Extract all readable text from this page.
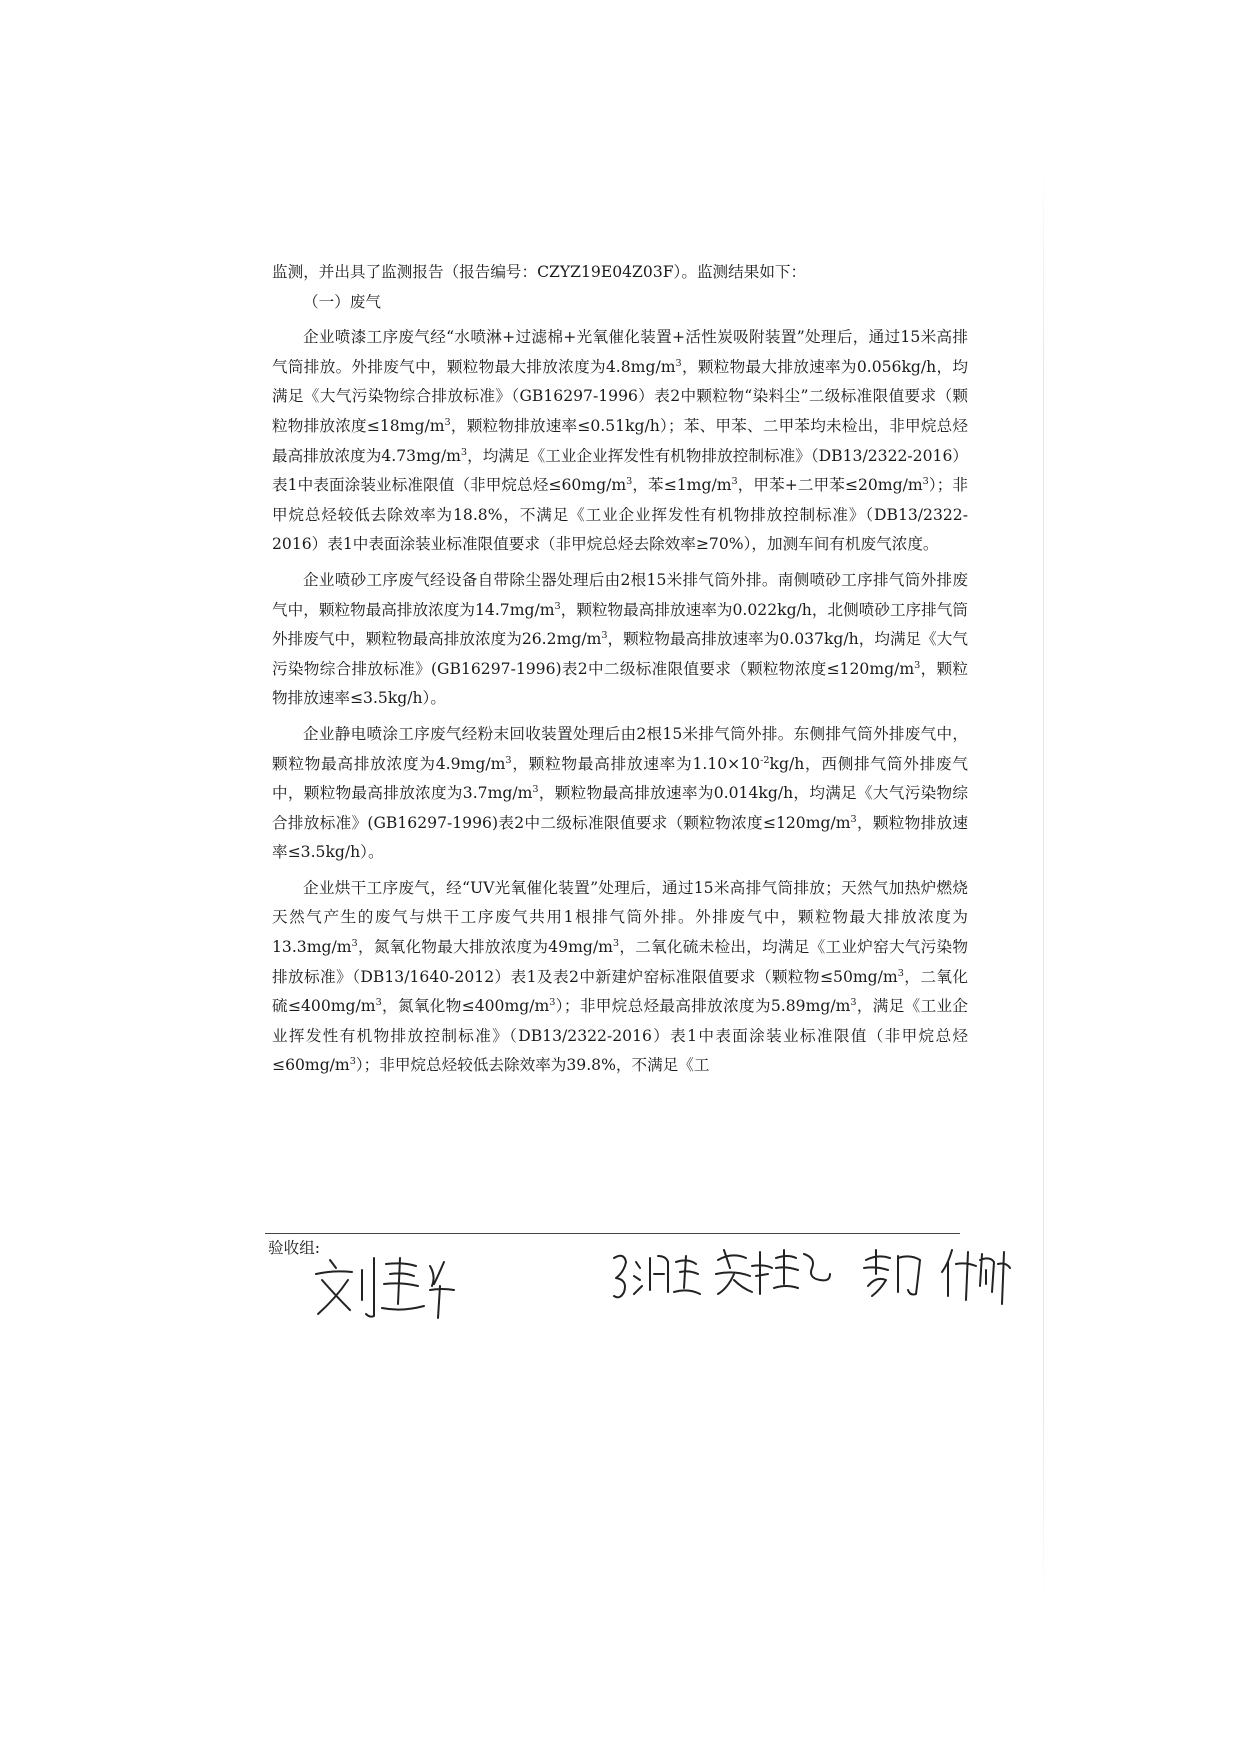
监测，并出具了监测报告（报告编号：CZYZ19E04Z03F）。监测结果如下：

（一）废气

企业喷漆工序废气经“水喷淋+过滤棉+光氧催化装置+活性炭吸附装置”处理后，通过15米高排气筒排放。外排废气中，颗粒物最大排放浓度为$4.8mg/m^3$，颗粒物最大排放速率为0.056kg/h，均满足《大气污染物综合排放标准》（GB16297-1996）表2中颗粒物“染料尘”二级标准限值要求（颗粒物排放浓度$\le 18mg/m^3$，颗粒物排放速率≤0.51kg/h）；苯、甲苯、二甲苯均未检出，非甲烷总烃最高排放浓度为$4.73mg/m^3$，均满足《工业企业挥发性有机物排放控制标准》（DB13/2322-2016）表1中表面涂装业标准限值（非甲烷总烃$\le 60mg/m^3$，苯$\le 1mg/m^3$，甲苯+二甲苯$\le 20mg/m^3$）；非甲烷总烃较低去除效率为18.8%，不满足《工业企业挥发性有机物排放控制标准》（DB13/2322-2016）表1中表面涂装业标准限值要求（非甲烷总烃去除效率≥70%），加测车间有机废气浓度。

企业喷砂工序废气经设备自带除尘器处理后由2根15米排气筒外排。南侧喷砂工序排气筒外排废气中，颗粒物最高排放浓度为$14.7mg/m^3$，颗粒物最高排放速率为0.022kg/h，北侧喷砂工序排气筒外排废气中，颗粒物最高排放浓度为$26.2mg/m^3$，颗粒物最高排放速率为0.037kg/h，均满足《大气污染物综合排放标准》(GB16297-1996)表2中二级标准限值要求（颗粒物浓度$\le 120mg/m^3$，颗粒物排放速率≤3.5kg/h）。

企业静电喷涂工序废气经粉末回收装置处理后由2根15米排气筒外排。东侧排气筒外排废气中，颗粒物最高排放浓度为$4.9mg/m^3$，颗粒物最高排放速率为$1.10\times 10^{-2}kg/h$，西侧排气筒外排废气中，颗粒物最高排放浓度为$3.7mg/m^3$，颗粒物最高排放速率为0.014kg/h，均满足《大气污染物综合排放标准》(GB16297-1996)表2中二级标准限值要求（颗粒物浓度$\le 120mg/m^3$，颗粒物排放速率≤3.5kg/h）。

企业烘干工序废气，经“UV光氧催化装置”处理后，通过15米高排气筒排放；天然气加热炉燃烧天然气产生的废气与烘干工序废气共用1根排气筒外排。外排废气中，颗粒物最大排放浓度为$13.3mg/m^3$，氮氧化物最大排放浓度为$49mg/m^3$，二氧化硫未检出，均满足《工业炉窑大气污染物排放标准》（DB13/1640-2012）表1及表2中新建炉窑标准限值要求（颗粒物$\le 50mg/m^3$，二氧化硫$\le 400mg/m^3$，氮氧化物$\le 400mg/m^3$）；非甲烷总烃最高排放浓度为$5.89mg/m^3$，满足《工业企业挥发性有机物排放控制标准》（DB13/2322-2016）表1中表面涂装业标准限值（非甲烷总烃$\le 60mg/m^3$）；非甲烷总烃较低去除效率为39.8%，不满足《工

验收组:
